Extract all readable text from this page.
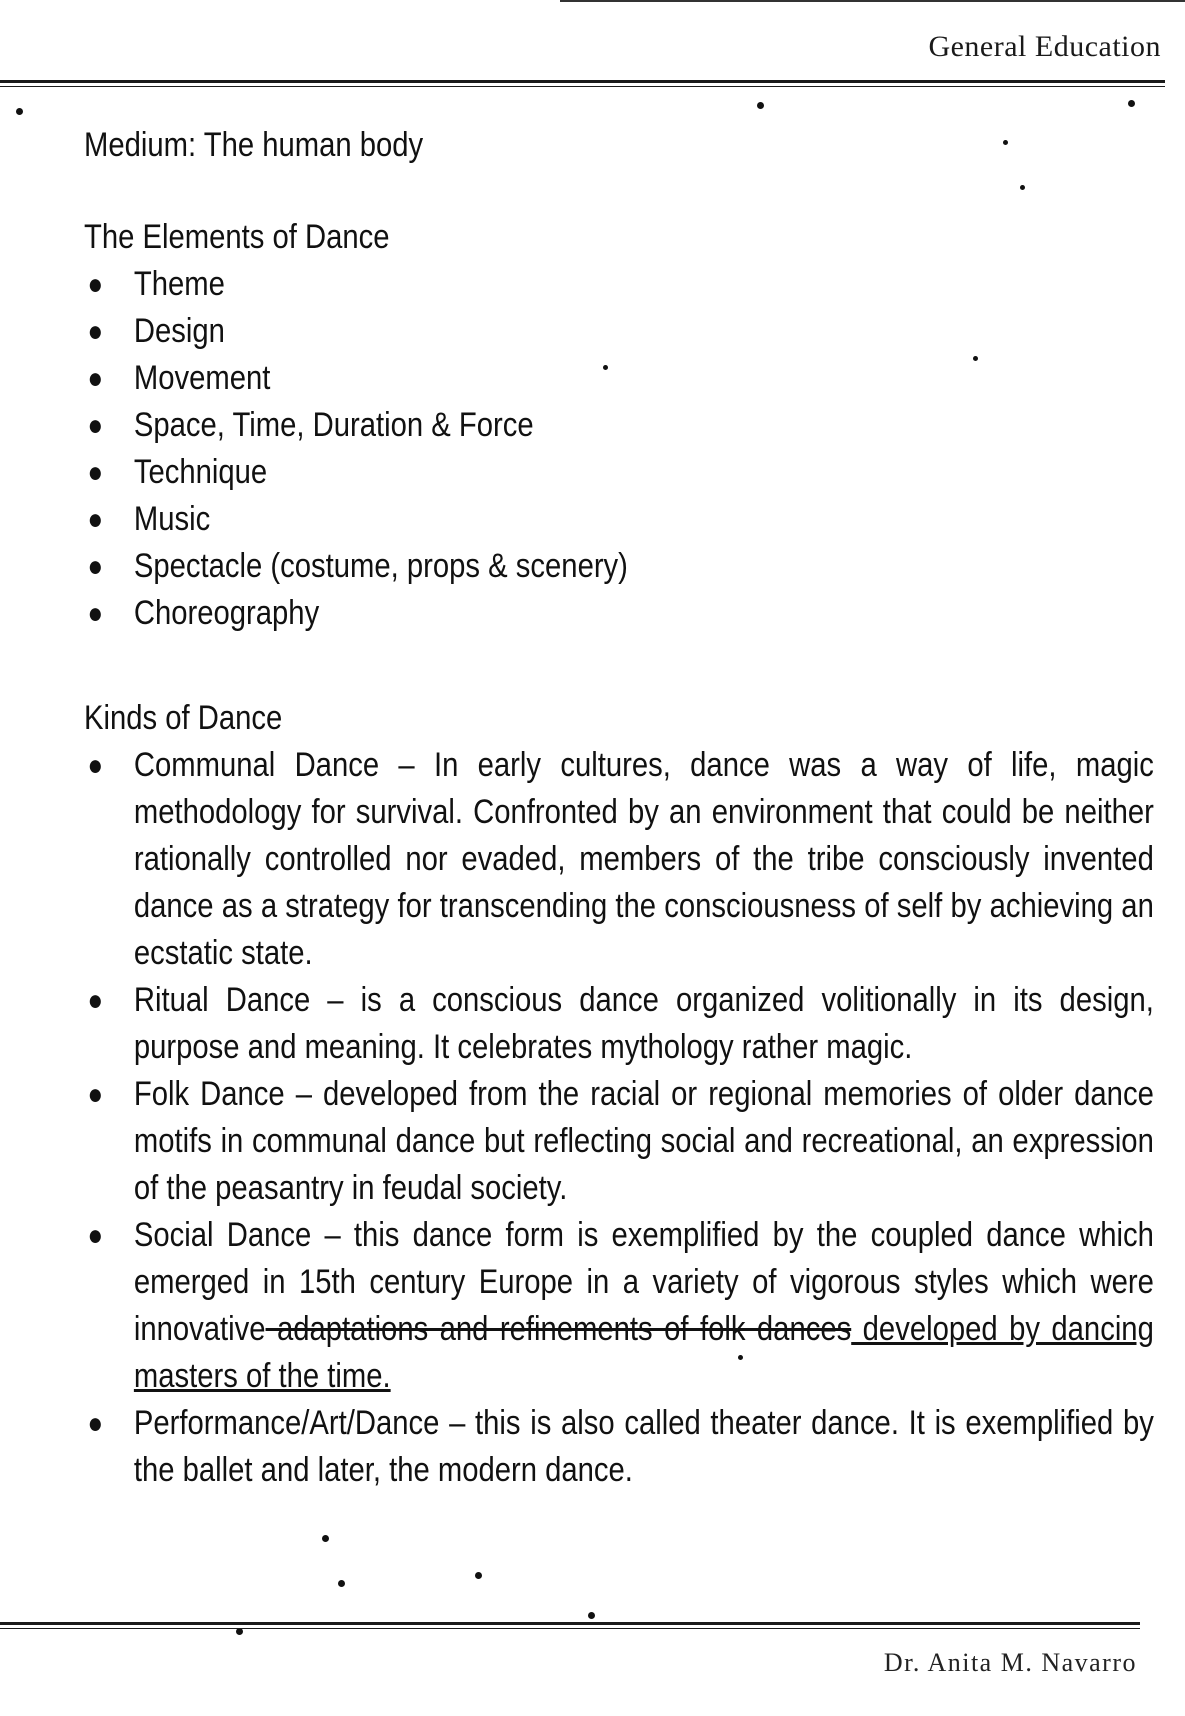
General Education

Medium: The human body

The Elements of Dance

● Theme
● Design
● Movement
● Space, Time, Duration & Force
● Technique
● Music
● Spectacle (costume, props & scenery)
● Choreography

Kinds of Dance

● Communal Dance – In early cultures, dance was a way of life, magic methodology for survival. Confronted by an environment that could be neither rationally controlled nor evaded, members of the tribe consciously invented dance as a strategy for transcending the consciousness of self by achieving an ecstatic state.
● Ritual Dance – is a conscious dance organized volitionally in its design, purpose and meaning. It celebrates mythology rather magic.
● Folk Dance – developed from the racial or regional memories of older dance motifs in communal dance but reflecting social and recreational, an expression of the peasantry in feudal society.
● Social Dance – this dance form is exemplified by the coupled dance which emerged in 15th century Europe in a variety of vigorous styles which were innovative adaptations and refinements of folk dances developed by dancing masters of the time.
● Performance/Art/Dance – this is also called theater dance. It is exemplified by the ballet and later, the modern dance.
Dr. Anita M. Navarro
